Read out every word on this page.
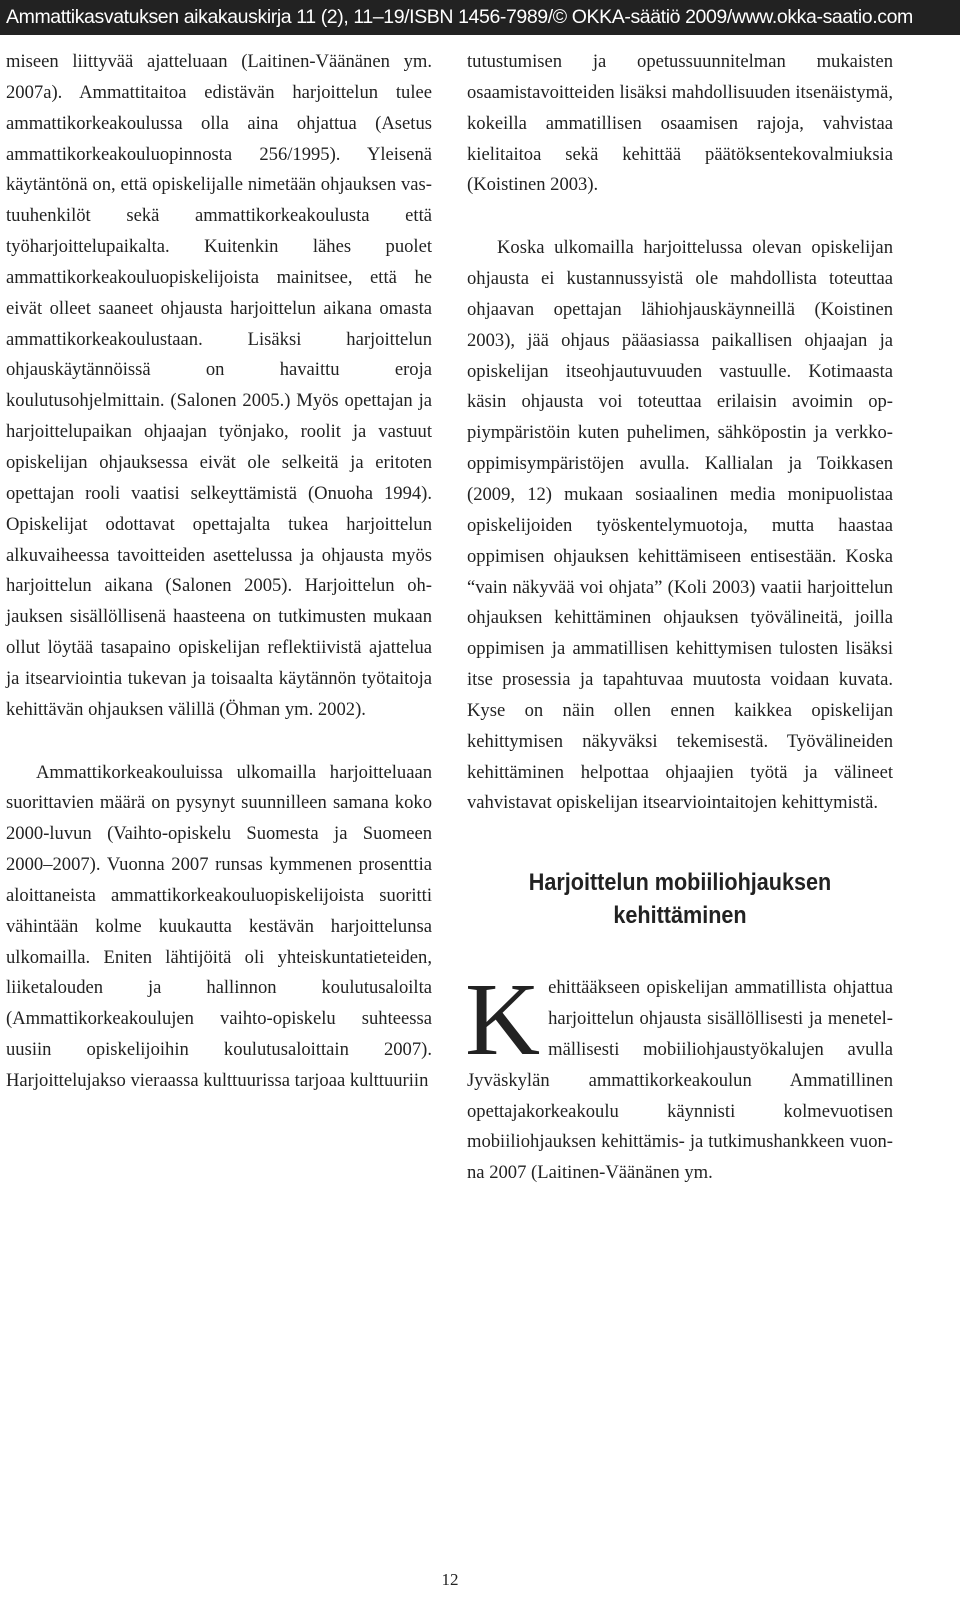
Ammattikasvatuksen aikakauskirja 11 (2), 11–19/ISBN 1456-7989/© OKKA-säätiö 2009/www.okka-saatio.com

miseen liittyvää ajatteluaan (Laitinen-Väänänen ym. 2007a). Ammattitaitoa edistävän harjoittelun tulee ammattikorkeakoulussa olla aina ohjattua (Asetus ammattikorkeakouluopinnosta 256/1995). Yleisenä käytäntönä on, että opiskelijalle nimetään ohjauksen vastuuhenkilöt sekä ammattikorkeakoulusta että työharjoittelupaikalta. Kuitenkin lähes puolet ammattikorkeakouluopiskelijoista mainitsee, että he eivät olleet saaneet ohjausta harjoittelun aikana omasta ammattikorkeakoulustaan. Lisäksi harjoittelun ohjauskäytännöissä on havaittu eroja koulutusohjelmittain. (Salonen 2005.) Myös opettajan ja harjoittelupaikan ohjaajan työnjako, roolit ja vastuut opiskelijan ohjauksessa eivät ole selkeitä ja eritoten opettajan rooli vaatisi selkeyttämistä (Onuoha 1994). Opiskelijat odottavat opettajalta tukea harjoittelun alkuvaiheessa tavoitteiden asettelussa ja ohjausta myös harjoittelun aikana (Salonen 2005). Harjoittelun ohjauksen sisällöllisenä haasteena on tutkimusten mukaan ollut löytää tasapaino opiskelijan reflektiivistä ajattelua ja itsearviointia tukevan ja toisaalta käytännön työtaitoja kehittävän ohjauksen välillä (Öhman ym. 2002).

Ammattikorkeakouluissa ulkomailla harjoitteluaan suorittavien määrä on pysynyt suunnilleen samana koko 2000-luvun (Vaihto-opiskelu Suomesta ja Suomeen 2000–2007). Vuonna 2007 runsas kymmenen prosenttia aloittaneista ammattikorkeakouluopiskelijoista suoritti vähintään kolme kuukautta kestävän harjoittelunsa ulkomailla. Eniten lähtijöitä oli yhteiskuntatieteiden, liiketalouden ja hallinnon koulutusaloilta (Ammattikorkeakoulujen vaihto-opiskelu suhteessa uusiin opiskelijoihin koulutusaloittain 2007). Harjoittelujakso vieraassa kulttuurissa tarjoaa kulttuuriin

tutustumisen ja opetussuunnitelman mukaisten osaamistavoitteiden lisäksi mahdollisuuden itsenäistymä, kokeilla ammatillisen osaamisen rajoja, vahvistaa kielitaitoa sekä kehittää päätöksentekovalmiuksia (Koistinen 2003).

Koska ulkomailla harjoittelussa olevan opiskelijan ohjausta ei kustannussyistä ole mahdollista toteuttaa ohjaavan opettajan lähiohjauskäynneillä (Koistinen 2003), jää ohjaus pääasiassa paikallisen ohjaajan ja opiskelijan itseohjautuvuuden vastuulle. Kotimaasta käsin ohjausta voi toteuttaa erilaisin avoimin oppiympäristöin kuten puhelimen, sähköpostin ja verkko-oppimisympäristöjen avulla. Kallialan ja Toikkasen (2009, 12) mukaan sosiaalinen media monipuolistaa opiskelijoiden työskentelymuotoja, mutta haastaa oppimisen ohjauksen kehittämiseen entisestään. Koska “vain näkyvää voi ohjata” (Koli 2003) vaatii harjoittelun ohjauksen kehittäminen ohjauksen työvälineitä, joilla oppimisen ja ammatillisen kehittymisen tulosten lisäksi itse prosessia ja tapahtuvaa muutosta voidaan kuvata. Kyse on näin ollen ennen kaikkea opiskelijan kehittymisen näkyväksi tekemisestä. Työvälineiden kehittäminen helpottaa ohjaajien työtä ja välineet vahvistavat opiskelijan itsearviointaitojen kehittymistä.

Harjoittelun mobiiliohjauksen kehittäminen

Kehittääkseen opiskelijan ammatillista ohjattua harjoittelun ohjausta sisällöllisesti ja menetelmällisesti mobiiliohjaustyökalujen avulla Jyväskylän ammattikorkeakoulun Ammatillinen opettajakorkeakoulu käynnisti kolmevuotisen mobiiliohjauksen kehittämis- ja tutkimushankkeen vuonna 2007 (Laitinen-Väänänen ym.

12
